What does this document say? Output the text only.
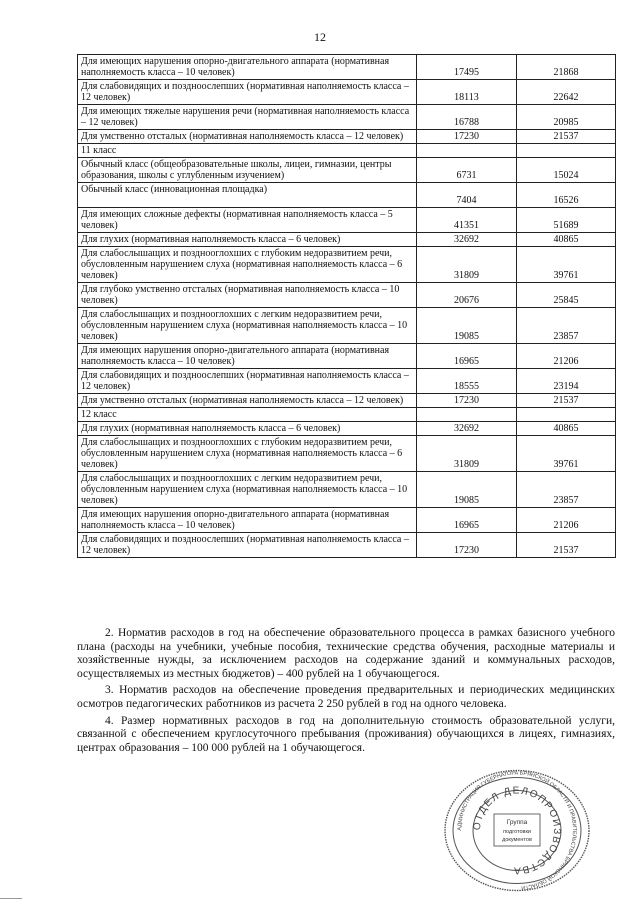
12
Для имеющих нарушения опорно-двигательного аппарата (нормативная наполняемость класса – 10 человек)	17495	21868
Для слабовидящих и поздноослепших (нормативная наполняемость класса – 12 человек)	18113	22642
Для имеющих тяжелые нарушения речи (нормативная наполняемость класса – 12 человек)	16788	20985
Для умственно отсталых (нормативная наполняемость класса – 12 человек)	17230	21537
11 класс		
Обычный класс (общеобразовательные школы, лицеи, гимназии, центры образования, школы с углубленным изучением)	6731	15024
Обычный класс (инновационная площадка)	7404	16526
Для имеющих сложные дефекты (нормативная наполняемость класса – 5 человек)	41351	51689
Для глухих (нормативная наполняемость класса – 6 человек)	32692	40865
Для слабослышащих и позднооглохших с глубоким недоразвитием речи, обусловленным нарушением слуха (нормативная наполняемость класса – 6 человек)	31809	39761
Для глубоко умственно отсталых (нормативная наполняемость класса – 10 человек)	20676	25845
Для слабослышащих и позднооглохших с легким недоразвитием речи, обусловленным нарушением слуха (нормативная наполняемость класса – 10 человек)	19085	23857
Для имеющих нарушения опорно-двигательного аппарата (нормативная наполняемость класса – 10 человек)	16965	21206
Для слабовидящих и поздноослепших (нормативная наполняемость класса – 12 человек)	18555	23194
Для умственно отсталых (нормативная наполняемость класса – 12 человек)	17230	21537
12 класс		
Для глухих (нормативная наполняемость класса – 6 человек)	32692	40865
Для слабослышащих и позднооглохших с глубоким недоразвитием речи, обусловленным нарушением слуха (нормативная наполняемость класса – 6 человек)	31809	39761
Для слабослышащих и позднооглохших с легким недоразвитием речи, обусловленным нарушением слуха (нормативная наполняемость класса – 10 человек)	19085	23857
Для имеющих нарушения опорно-двигательного аппарата (нормативная наполняемость класса – 10 человек)	16965	21206
Для слабовидящих и поздноослепших (нормативная наполняемость класса – 12 человек)	17230	21537

2. Норматив расходов в год на обеспечение образовательного процесса в рамках базисного учебного плана (расходы на учебники, учебные пособия, технические средства обучения, расходные материалы и хозяйственные нужды, за исключением расходов на содержание зданий и коммунальных расходов, осуществляемых из местных бюджетов) – 400 рублей на 1 обучающегося.

3. Норматив расходов на обеспечение проведения предварительных и периодических медицинских осмотров педагогических работников из расчета 2 250 рублей в год на одного человека.

4. Размер нормативных расходов в год на дополнительную стоимость образовательной услуги, связанной с обеспечением круглосуточного пребывания (проживания) обучающихся в лицеях, гимназиях, центрах образования – 100 000 рублей на 1 обучающегося.

АДМИНИСТРАЦИЯ ГУБЕРНАТОРА БРЯНСКОЙ ОБЛАСТИ И ПРАВИТЕЛЬСТВА БРЯНСКОЙ ОБЛАСТИ
ОТДЕЛ ДЕЛОПРОИЗВОДСТВА
Группа
подготовки
документов
